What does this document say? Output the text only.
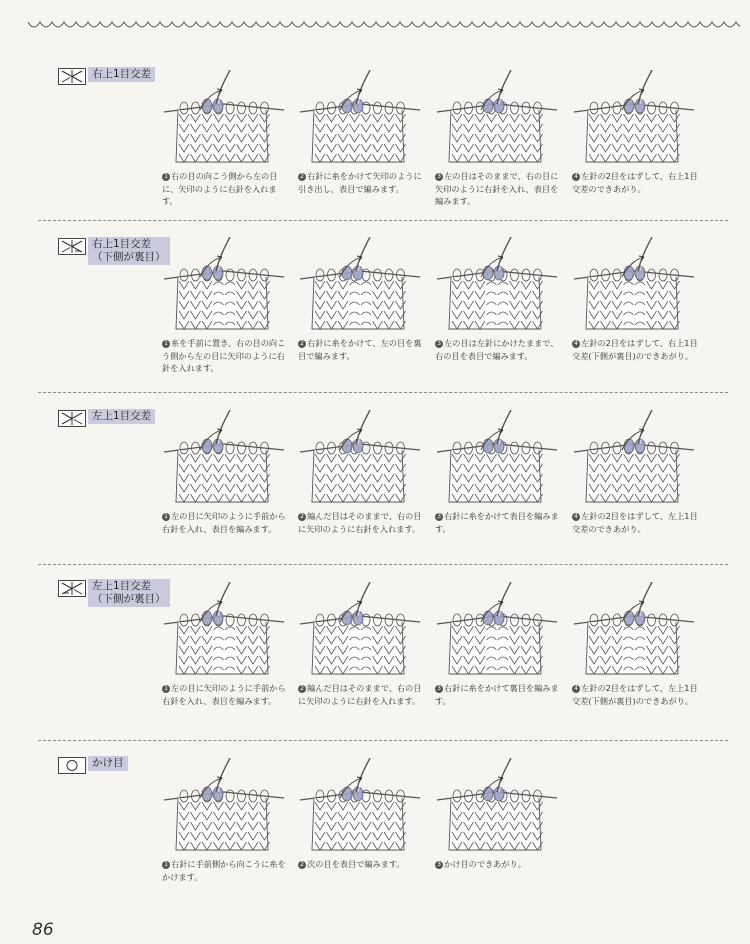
右上1目交差
1 右の目の向こう側から左の目に、矢印のように右針を入れます。
2 右針に糸をかけて矢印のように引き出し、表目で編みます。
3 左の目はそのままで、右の目に矢印のように右針を入れ、表目を編みます。
4 左針の2目をはずして、右上1目交差のできあがり。
右上1目交差
（下側が裏目）
1 糸を手前に置き、右の目の向こう側から左の目に矢印のように右針を入れます。
2 右針に糸をかけて、左の目を裏目で編みます。
3 左の目は左針にかけたままで、右の目を表目で編みます。
4 左針の2目をはずして、右上1目交差(下側が裏目)のできあがり。
左上1目交差
1 左の目に矢印のように手前から右針を入れ、表目を編みます。
2 編んだ目はそのままで、右の目に矢印のように右針を入れます。
3 右針に糸をかけて表目を編みます。
4 左針の2目をはずして、左上1目交差のできあがり。
左上1目交差
（下側が裏目）
1 左の目に矢印のように手前から右針を入れ、表目を編みます。
2 編んだ目はそのままで、右の目に矢印のように右針を入れます。
3 右針に糸をかけて裏目を編みます。
4 左針の2目をはずして、左上1目交差(下側が裏目)のできあがり。
かけ目
1 右針に手前側から向こうに糸をかけます。
2 次の目を表目で編みます。	3 かけ目のできあがり。
86
